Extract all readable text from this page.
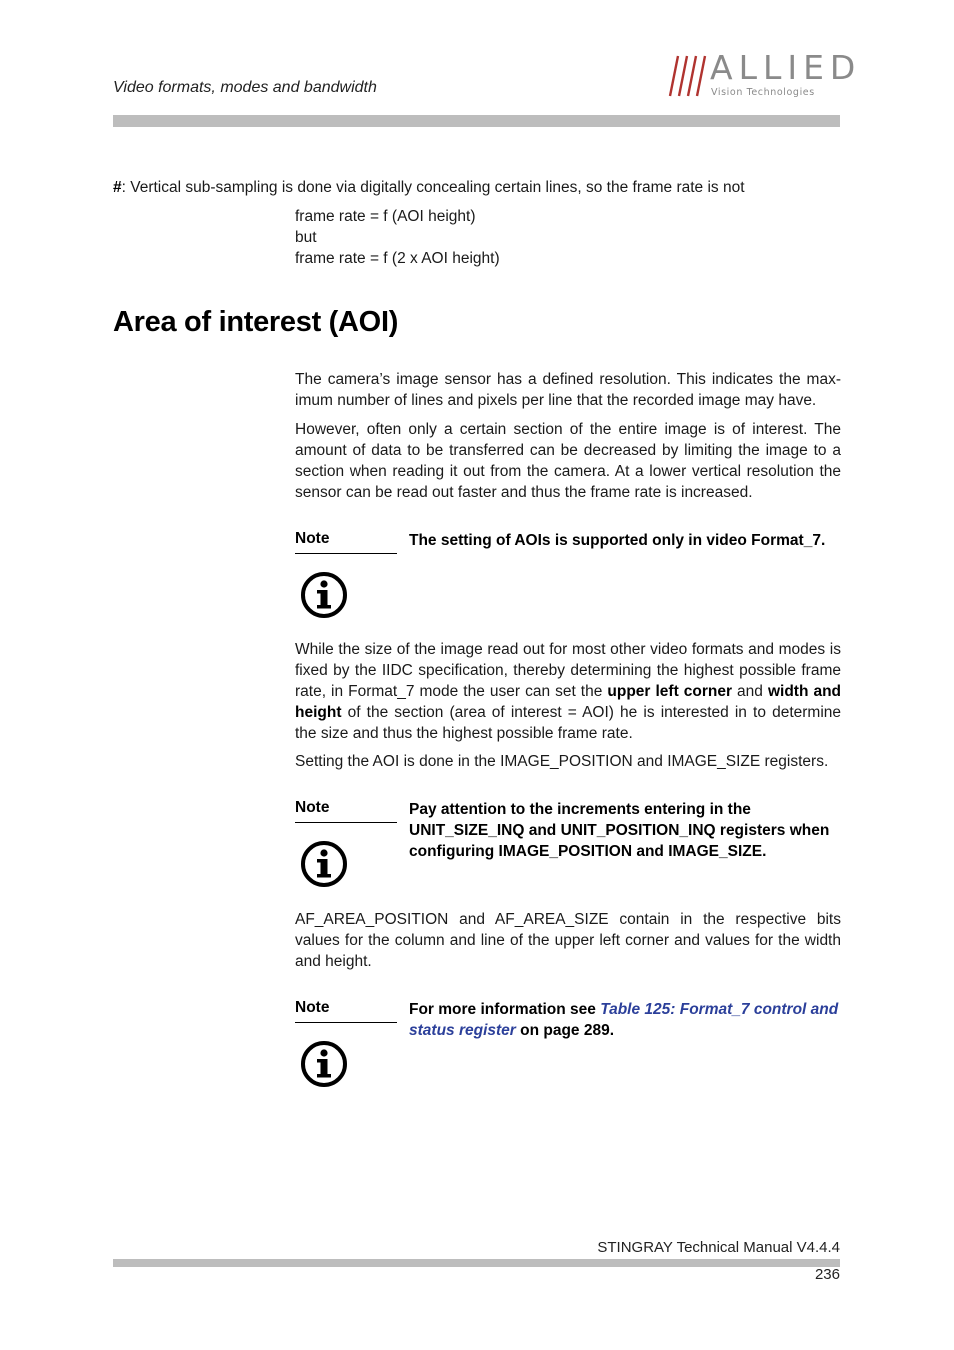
Video formats, modes and bandwidth
ALLIED
Vision Technologies
#: Vertical sub-sampling is done via digitally concealing certain lines, so the frame rate is not
frame rate = f (AOI height)
but
frame rate = f (2 x AOI height)
Area of interest (AOI)
The camera’s image sensor has a defined resolution. This indicates the max-imum number of lines and pixels per line that the recorded image may have.
However, often only a certain section of the entire image is of interest. The amount of data to be transferred can be decreased by limiting the image to a section when reading it out from the camera. At a lower vertical resolution the sensor can be read out faster and thus the frame rate is increased.
Note	The setting of AOIs is supported only in video Format_7.
While the size of the image read out for most other video formats and modes is fixed by the IIDC specification, thereby determining the highest possible frame rate, in Format_7 mode the user can set the upper left corner and width and height of the section (area of interest = AOI) he is interested in to determine the size and thus the highest possible frame rate.
Setting the AOI is done in the IMAGE_POSITION and IMAGE_SIZE registers.
Note	Pay attention to the increments entering in the UNIT_SIZE_INQ and UNIT_POSITION_INQ registers when configuring IMAGE_POSITION and IMAGE_SIZE.
AF_AREA_POSITION and AF_AREA_SIZE contain in the respective bits values for the column and line of the upper left corner and values for the width and height.
Note	For more information see Table 125: Format_7 control and status register on page 289.
STINGRAY Technical Manual V4.4.4
236
